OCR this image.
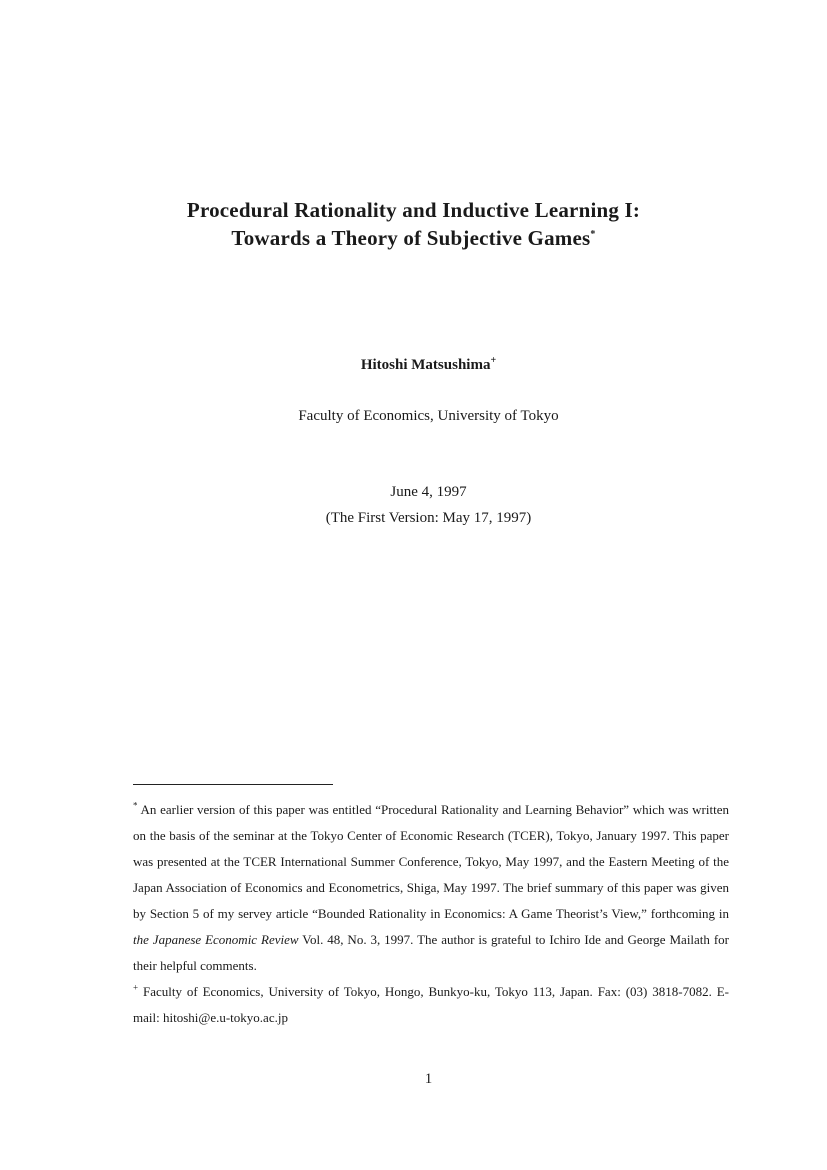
Procedural Rationality and Inductive Learning I:
Towards a Theory of Subjective Games*
Hitoshi Matsushima+
Faculty of Economics, University of Tokyo
June 4, 1997
(The First Version: May 17, 1997)

* An earlier version of this paper was entitled “Procedural Rationality and Learning Behavior” which was written on the basis of the seminar at the Tokyo Center of Economic Research (TCER), Tokyo, January 1997. This paper was presented at the TCER International Summer Conference, Tokyo, May 1997, and the Eastern Meeting of the Japan Association of Economics and Econometrics, Shiga, May 1997. The brief summary of this paper was given by Section 5 of my servey article “Bounded Rationality in Economics: A Game Theorist’s View,” forthcoming in the Japanese Economic Review Vol. 48, No. 3, 1997. The author is grateful to Ichiro Ide and George Mailath for their helpful comments.

+ Faculty of Economics, University of Tokyo, Hongo, Bunkyo-ku, Tokyo 113, Japan. Fax: (03) 3818-7082. E-mail: hitoshi@e.u-tokyo.ac.jp

1
